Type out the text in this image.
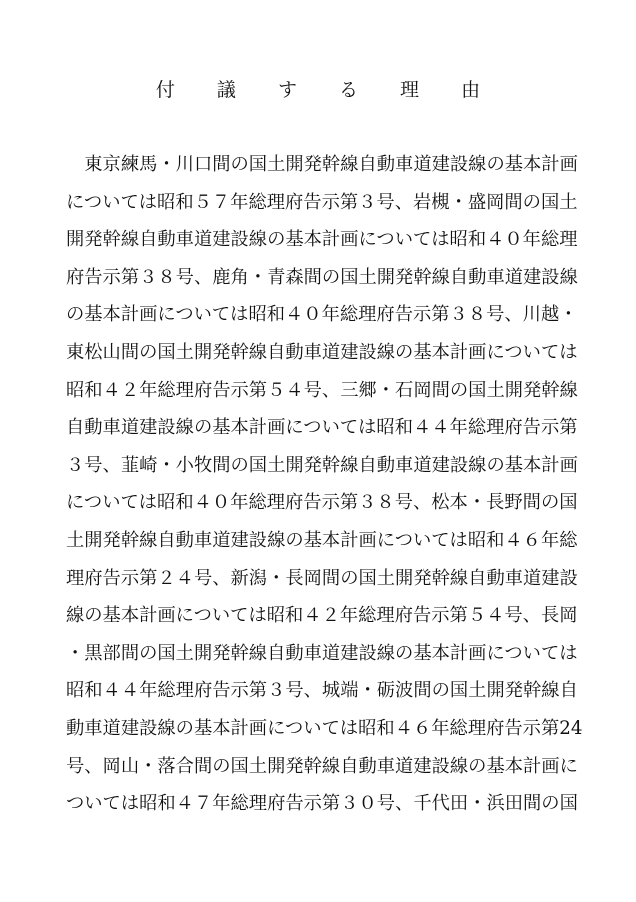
付 議 す る 理 由
　東京練馬・川口間の国土開発幹線自動車道建設線の基本計画
については昭和５７年総理府告示第３号、岩槻・盛岡間の国土
開発幹線自動車道建設線の基本計画については昭和４０年総理
府告示第３８号、鹿角・青森間の国土開発幹線自動車道建設線
の基本計画については昭和４０年総理府告示第３８号、川越・
東松山間の国土開発幹線自動車道建設線の基本計画については
昭和４２年総理府告示第５４号、三郷・石岡間の国土開発幹線
自動車道建設線の基本計画については昭和４４年総理府告示第
３号、韮崎・小牧間の国土開発幹線自動車道建設線の基本計画
については昭和４０年総理府告示第３８号、松本・長野間の国
土開発幹線自動車道建設線の基本計画については昭和４６年総
理府告示第２４号、新潟・長岡間の国土開発幹線自動車道建設
線の基本計画については昭和４２年総理府告示第５４号、長岡
・黒部間の国土開発幹線自動車道建設線の基本計画については
昭和４４年総理府告示第３号、城端・砺波間の国土開発幹線自
動車道建設線の基本計画については昭和４６年総理府告示第24
号、岡山・落合間の国土開発幹線自動車道建設線の基本計画に
ついては昭和４７年総理府告示第３０号、千代田・浜田間の国
